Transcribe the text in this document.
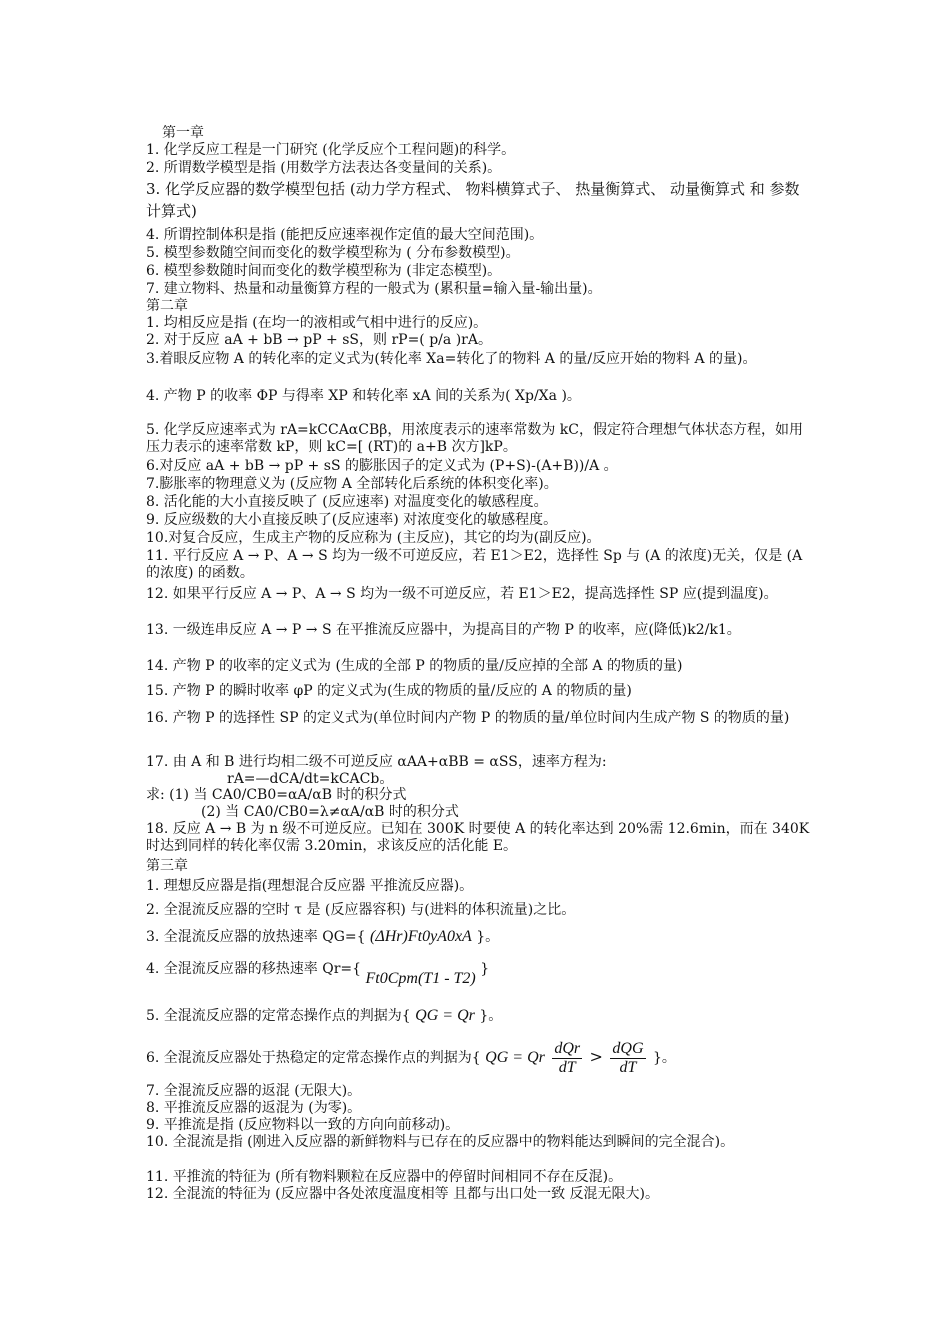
第一章
1. 化学反应工程是一门研究 (化学反应个工程问题)的科学。
2. 所谓数学模型是指 (用数学方法表达各变量间的关系)。
3. 化学反应器的数学模型包括 (动力学方程式、 物料横算式子、 热量衡算式、 动量衡算式 和 参数计算式)
4. 所谓控制体积是指 (能把反应速率视作定值的最大空间范围)。
5. 模型参数随空间而变化的数学模型称为 ( 分布参数模型)。
6. 模型参数随时间而变化的数学模型称为 (非定态模型)。
7. 建立物料、热量和动量衡算方程的一般式为 (累积量=输入量-输出量)。
第二章
1. 均相反应是指 (在均一的液相或气相中进行的反应)。
2. 对于反应 aA + bB → pP + sS，则 rP=( p/a )rA。
3.着眼反应物 A 的转化率的定义式为(转化率 Xa=转化了的物料 A 的量/反应开始的物料 A 的量)。
4. 产物 P 的收率 ΦP 与得率 XP 和转化率 xA 间的关系为( Xp/Xa )。
5. 化学反应速率式为 rA=kCCAαCBβ，用浓度表示的速率常数为 kC，假定符合理想气体状态方程，如用压力表示的速率常数 kP，则 kC=[ (RT)的 a+B 次方]kP。
6.对反应 aA + bB → pP + sS 的膨胀因子的定义式为 (P+S)-(A+B))/A 。
7.膨胀率的物理意义为 (反应物 A 全部转化后系统的体积变化率)。
8. 活化能的大小直接反映了 (反应速率) 对温度变化的敏感程度。
9. 反应级数的大小直接反映了(反应速率) 对浓度变化的敏感程度。
10.对复合反应，生成主产物的反应称为 (主反应)，其它的均为(副反应)。
11. 平行反应 A → P、A → S 均为一级不可逆反应，若 E1＞E2，选择性 Sp 与 (A 的浓度)无关，仅是 (A 的浓度) 的函数。
12. 如果平行反应 A → P、A → S 均为一级不可逆反应，若 E1＞E2，提高选择性 SP 应(提到温度)。
13. 一级连串反应 A → P → S 在平推流反应器中，为提高目的产物 P 的收率，应(降低)k2/k1。
14. 产物 P 的收率的定义式为 (生成的全部 P 的物质的量/反应掉的全部 A 的物质的量)
15. 产物 P 的瞬时收率 φP 的定义式为(生成的物质的量/反应的 A 的物质的量)
16. 产物 P 的选择性 SP 的定义式为(单位时间内产物 P 的物质的量/单位时间内生成产物 S 的物质的量)
17. 由 A 和 B 进行均相二级不可逆反应 αAA+αBB = αSS，速率方程为:
rA=—dCA/dt=kCACb。
求: (1) 当 CA0/CB0=αA/αB 时的积分式
(2) 当 CA0/CB0=λ≠αA/αB 时的积分式
18. 反应 A → B 为 n 级不可逆反应。已知在 300K 时要使 A 的转化率达到 20%需 12.6min，而在 340K 时达到同样的转化率仅需 3.20min，求该反应的活化能 E。
第三章
1. 理想反应器是指(理想混合反应器 平推流反应器)。
2. 全混流反应器的空时 τ 是 (反应器容积) 与(进料的体积流量)之比。
3. 全混流反应器的放热速率 QG={ (ΔHr)Ft0yA0xA }。
4. 全混流反应器的移热速率 Qr={ Ft0Cpm(T1 - T2) }
5. 全混流反应器的定常态操作点的判据为{ QG = Qr }。
6. 全混流反应器处于热稳定的定常态操作点的判据为{ QG = Qr $\frac{\text{dQr}}{dT} > \frac{\text{dQG}}{dT}$ }。
7. 全混流反应器的返混 (无限大)。
8. 平推流反应器的返混为 (为零)。
9. 平推流是指 (反应物料以一致的方向向前移动)。
10. 全混流是指 (刚进入反应器的新鲜物料与已存在的反应器中的物料能达到瞬间的完全混合)。
11. 平推流的特征为 (所有物料颗粒在反应器中的停留时间相同不存在反混)。
12. 全混流的特征为 (反应器中各处浓度温度相等 且都与出口处一致 反混无限大)。
